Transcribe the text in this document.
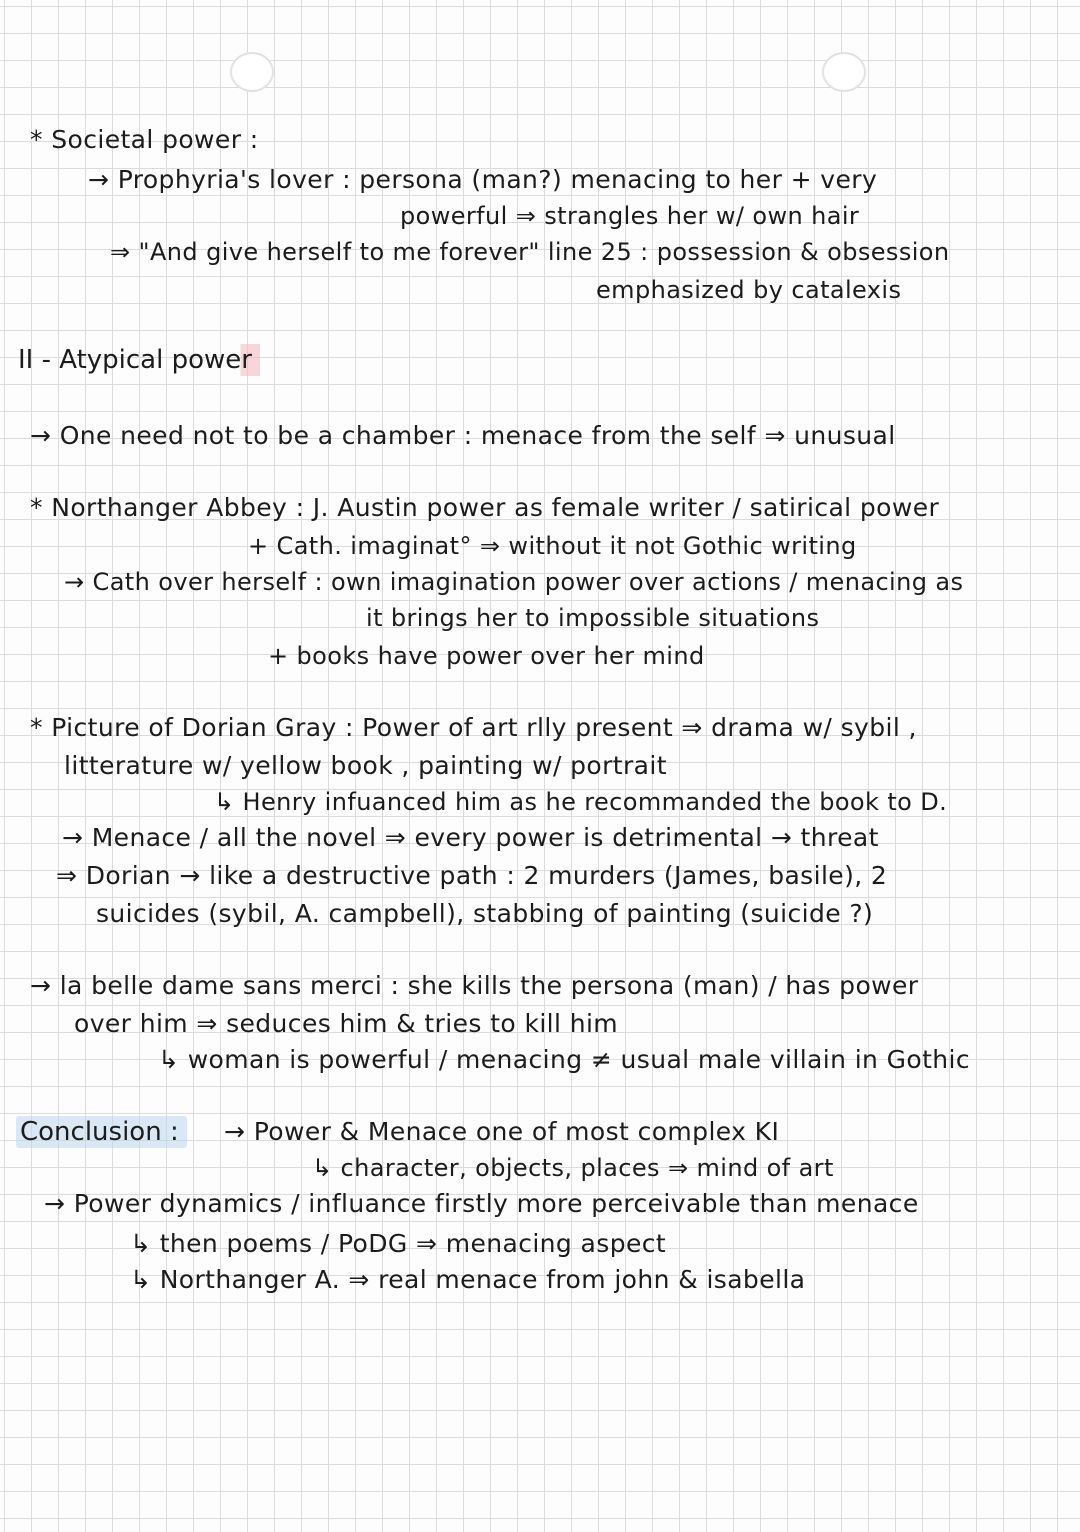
* Societal power :
→ Prophyria's lover : persona (man?) menacing to her + very
powerful ⇒ strangles her w/ own hair
⇒ "And give herself to me forever" line 25 : possession & obsession
emphasized by catalexis
II - Atypical power
→ One need not to be a chamber : menace from the self ⇒ unusual
* Northanger Abbey : J. Austin power as female writer / satirical power
+ Cath. imaginat° ⇒ without it not Gothic writing
→ Cath over herself : own imagination power over actions / menacing as
it brings her to impossible situations
+ books have power over her mind
* Picture of Dorian Gray : Power of art rlly present ⇒ drama w/ sybil ,
litterature w/ yellow book , painting w/ portrait
↳ Henry infuanced him as he recommanded the book to D.
→ Menace / all the novel ⇒ every power is detrimental → threat
⇒ Dorian → like a destructive path : 2 murders (James, basile), 2
suicides (sybil, A. campbell), stabbing of painting (suicide ?)
→ la belle dame sans merci : she kills the persona (man) / has power
over him ⇒ seduces him & tries to kill him
↳ woman is powerful / menacing ≠ usual male villain in Gothic
Conclusion :	→ Power & Menace one of most complex KI
↳ character, objects, places ⇒ mind of art
→ Power dynamics / influance firstly more perceivable than menace
↳ then poems / PoDG ⇒ menacing aspect
↳ Northanger A. ⇒ real menace from john & isabella
